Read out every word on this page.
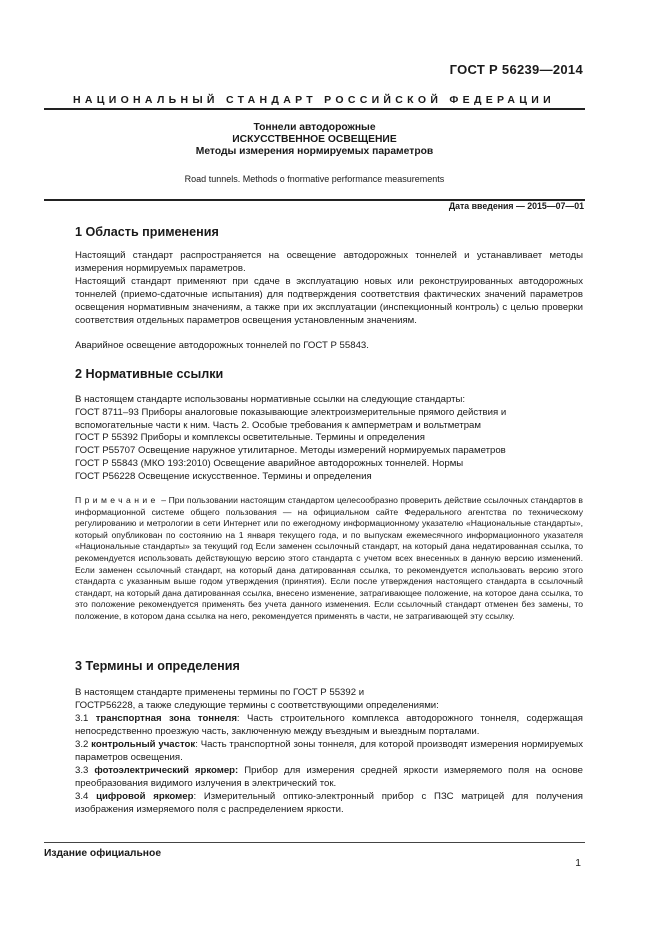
ГОСТ Р 56239—2014
НАЦИОНАЛЬНЫЙ СТАНДАРТ РОССИЙСКОЙ ФЕДЕРАЦИИ
Тоннели автодорожные
ИСКУССТВЕННОЕ ОСВЕЩЕНИЕ
Методы измерения нормируемых параметров
Road tunnels. Methods o fnormative performance measurements
Дата введения — 2015—07—01
1 Область применения
Настоящий стандарт распространяется на освещение автодорожных тоннелей и устанавливает методы измерения нормируемых параметров.
Настоящий стандарт применяют при сдаче в эксплуатацию новых или реконструированных автодорожных тоннелей (приемо-сдаточные испытания) для подтверждения соответствия фактических значений параметров освещения нормативным значениям, а также при их эксплуатации (инспекционный контроль) с целью проверки соответствия отдельных параметров освещения установленным значениям.
Аварийное освещение автодорожных тоннелей по ГОСТ Р 55843.
2 Нормативные ссылки
В настоящем стандарте использованы нормативные ссылки на следующие стандарты:
ГОСТ 8711–93 Приборы аналоговые показывающие электроизмерительные прямого действия и
вспомогательные части к ним. Часть 2. Особые требования к амперметрам и вольтметрам
ГОСТ Р 55392 Приборы и комплексы осветительные. Термины и определения
ГОСТ Р55707 Освещение наружное утилитарное. Методы измерений нормируемых параметров
ГОСТ Р 55843 (МКО 193:2010) Освещение аварийное автодорожных тоннелей. Нормы
ГОСТ Р56228 Освещение искусственное. Термины и определения
Примечание – При пользовании настоящим стандартом целесообразно проверить действие ссылочных стандартов в информационной системе общего пользования — на официальном сайте Федерального агентства по техническому регулированию и метрологии в сети Интернет или по ежегодному информационному указателю «Национальные стандарты», который опубликован по состоянию на 1 января текущего года, и по выпускам ежемесячного информационного указателя «Национальные стандарты» за текущий год Если заменен ссылочный стандарт, на который дана недатированная ссылка, то рекомендуется использовать действующую версию этого стандарта с учетом всех внесенных в данную версию изменений. Если заменен ссылочный стандарт, на который дана датированная ссылка, то рекомендуется использовать версию этого стандарта с указанным выше годом утверждения (принятия). Если после утверждения настоящего стандарта в ссылочный стандарт, на который дана датированная ссылка, внесено изменение, затрагивающее положение, на которое дана ссылка, то это положение рекомендуется применять без учета данного изменения. Если ссылочный стандарт отменен без замены, то положение, в котором дана ссылка на него, рекомендуется применять в части, не затрагивающей эту ссылку.
3 Термины и определения
В настоящем стандарте применены термины по ГОСТ Р 55392 и
ГОСТР56228, а также следующие термины с соответствующими определениями:
3.1 транспортная зона тоннеля: Часть строительного комплекса автодорожного тоннеля, содержащая непосредственно проезжую часть, заключенную между въездным и выездным порталами.
3.2 контрольный участок: Часть транспортной зоны тоннеля, для которой производят измерения нормируемых параметров освещения.
3.3 фотоэлектрический яркомер: Прибор для измерения средней яркости измеряемого поля на основе преобразования видимого излучения в электрический ток.
3.4 цифровой яркомер: Измерительный оптико-электронный прибор с ПЗС матрицей для получения изображения измеряемого поля с распределением яркости.
Издание официальное
1
